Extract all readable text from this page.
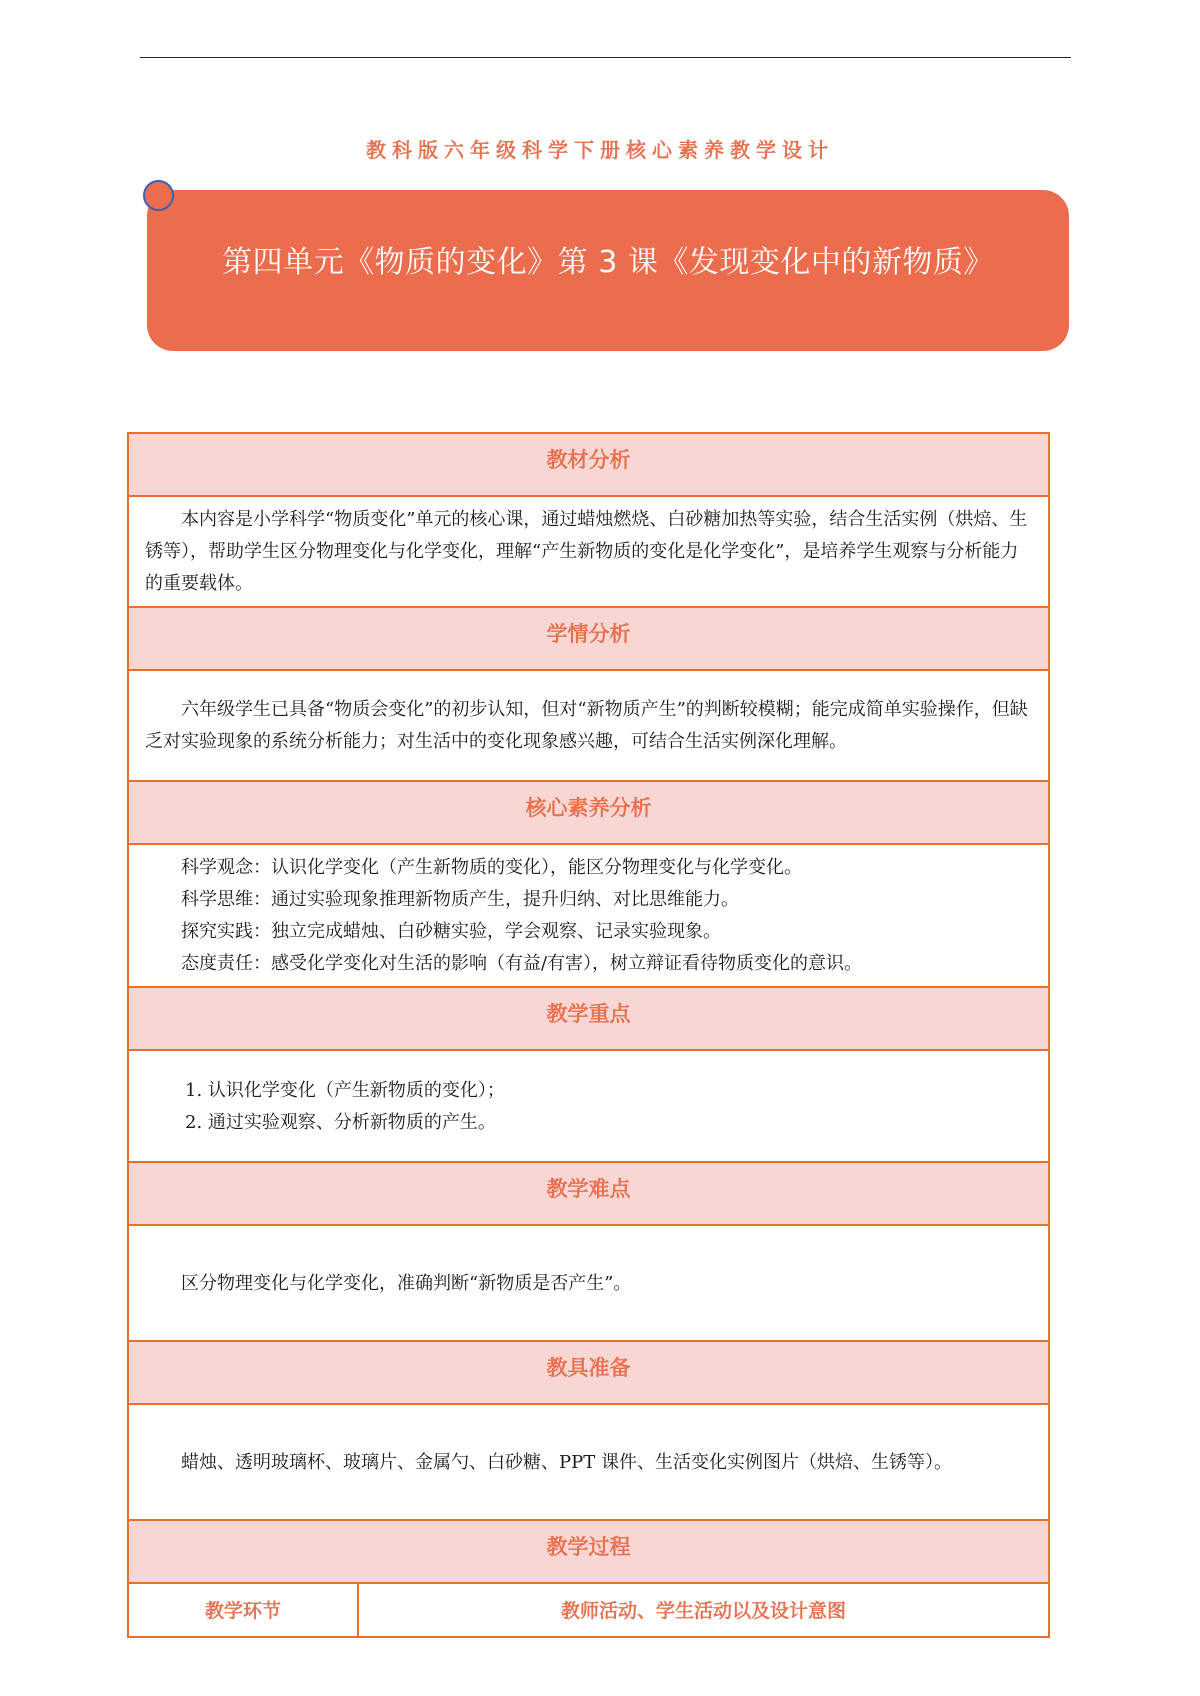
教科版六年级科学下册核心素养教学设计
第四单元《物质的变化》第 3 课《发现变化中的新物质》
教材分析

本内容是小学科学“物质变化”单元的核心课，通过蜡烛燃烧、白砂糖加热等实验，结合生活实例（烘焙、生锈等），帮助学生区分物理变化与化学变化，理解“产生新物质的变化是化学变化”，是培养学生观察与分析能力的重要载体。

学情分析

六年级学生已具备“物质会变化”的初步认知，但对“新物质产生”的判断较模糊；能完成简单实验操作，但缺乏对实验现象的系统分析能力；对生活中的变化现象感兴趣，可结合生活实例深化理解。

核心素养分析

科学观念：认识化学变化（产生新物质的变化），能区分物理变化与化学变化。

科学思维：通过实验现象推理新物质产生，提升归纳、对比思维能力。

探究实践：独立完成蜡烛、白砂糖实验，学会观察、记录实验现象。

态度责任：感受化学变化对生活的影响（有益/有害），树立辩证看待物质变化的意识。

教学重点

1. 认识化学变化（产生新物质的变化）；

2. 通过实验观察、分析新物质的产生。

教学难点

区分物理变化与化学变化，准确判断“新物质是否产生”。

教具准备

蜡烛、透明玻璃杯、玻璃片、金属勺、白砂糖、PPT 课件、生活变化实例图片（烘焙、生锈等）。

教学过程
教学环节	教师活动、学生活动以及设计意图
